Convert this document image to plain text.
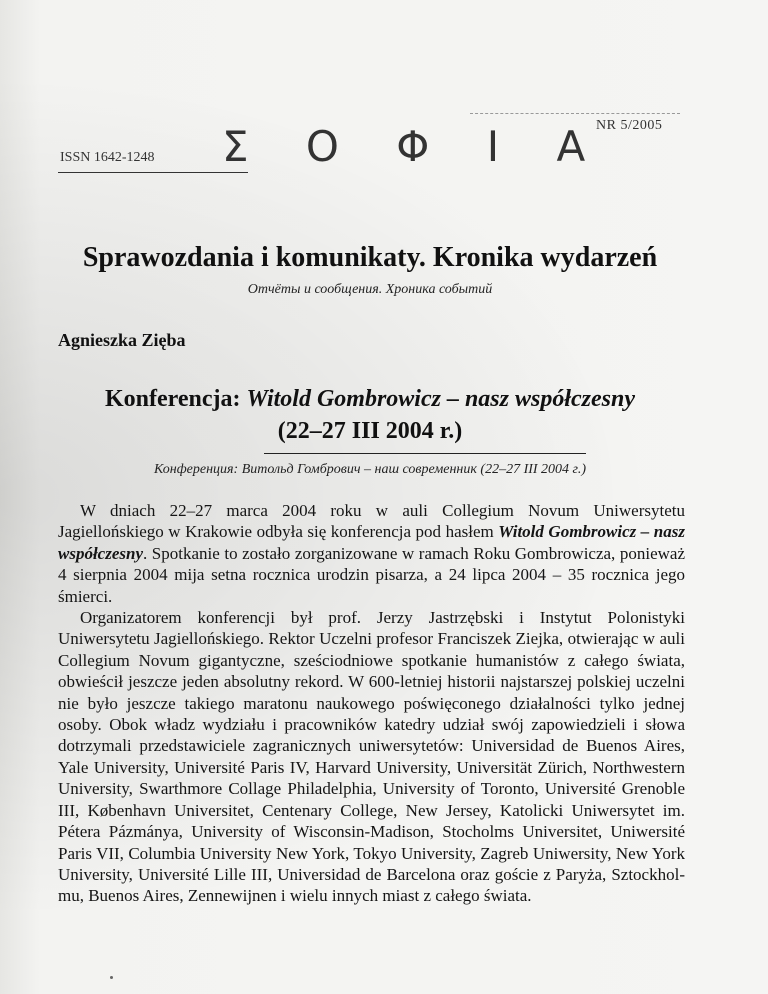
NR 5/2005
Σ Ο Φ Ι Α
ISSN 1642-1248
Sprawozdania i komunikaty. Kronika wydarzeń
Отчёты и сообщения. Хроника событий
Agnieszka Zięba
Konferencja: Witold Gombrowicz – nasz współczesny
(22–27 III 2004 r.)
Конференция: Витольд Гомбрович – наш современник (22–27 III 2004 г.)

W dniach 22–27 marca 2004 roku w auli Collegium Novum Uniwersytetu Jagiellońskiego w Krakowie odbyła się konferencja pod hasłem Witold Gombrowicz – nasz współczesny. Spotkanie to zostało zorganizowane w ramach Roku Gombrowicza, ponieważ 4 sierpnia 2004 mija setna rocznica urodzin pisarza, a 24 lipca 2004 – 35 rocznica jego śmierci.

Organizatorem konferencji był prof. Jerzy Jastrzębski i Instytut Polonistyki Uniwersytetu Jagiellońskiego. Rektor Uczelni profesor Franciszek Ziejka, otwierając w auli Collegium Novum gigantyczne, sześciodniowe spotkanie humanistów z całego świata, obwieścił jeszcze jeden absolutny rekord. W 600-letniej historii najstarszej polskiej uczelni nie było jeszcze takiego maratonu naukowego poświęconego działalności tylko jednej osoby. Obok władz wydziału i pracowników katedry udział swój zapowiedzieli i słowa dotrzymali przedstawiciele zagranicznych uniwersytetów: Universidad de Buenos Aires, Yale University, Université Paris IV, Harvard University, Universität Zürich, Northwestern University, Swarthmore Collage Philadelphia, University of Toronto, Université Grenoble III, København Universitet, Centenary College, New Jersey, Katolicki Uniwersytet im. Pétera Pázmánya, University of Wisconsin-Madison, Stocholms Universitet, Uniwersité Paris VII, Columbia University New York, Tokyo University, Zagreb Uniwersity, New York University, Université Lille III, Universidad de Barcelona oraz goście z Paryża, Sztockholmu, Buenos Aires, Zennewijnen i wielu innych miast z całego świata.
